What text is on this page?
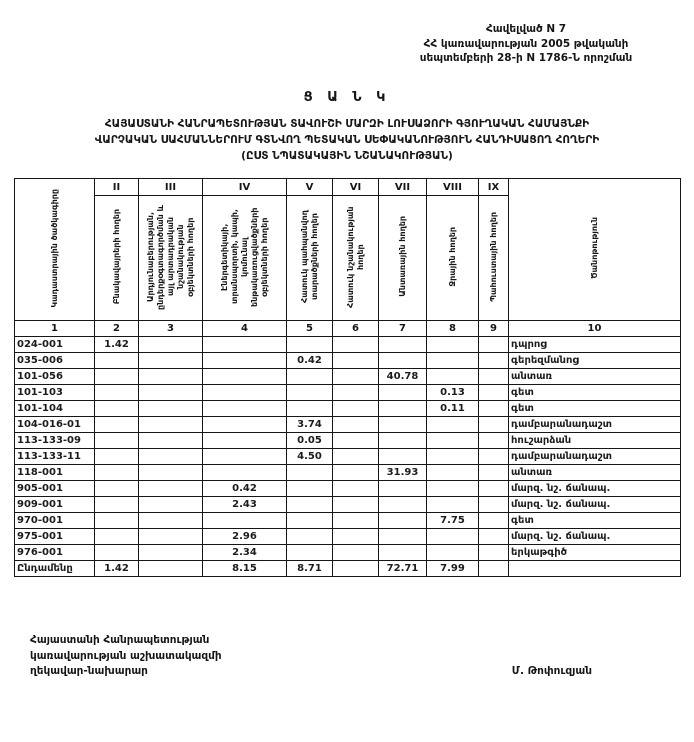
Հավելված N 7
ՀՀ կառավարության 2005 թվականի
սեպտեմբերի 28-ի N 1786-Ն որոշման
Ց Ա Ն Կ
ՀԱՅԱՍՏԱՆԻ ՀԱՆՐԱՊԵՏՈՒԹՅԱՆ ՏԱՎՈՒՇԻ ՄԱՐԶԻ ԼՈՒՍԱՁՈՐԻ ԳՅՈՒՂԱԿԱՆ ՀԱՄԱՅՆՔԻ
ՎԱՐՉԱԿԱՆ ՍԱՀՄԱՆՆԵՐՈՒՄ ԳՏՆՎՈՂ ՊԵՏԱԿԱՆ ՍԵՓԱԿԱՆՈՒԹՅՈՒՆ ՀԱՆԴԻՍԱՑՈՂ ՀՈՂԵՐԻ
(ԸՍՏ ՆՊԱՏԱԿԱՅԻՆ ՆՇԱՆԱԿՈՒԹՅԱՆ)
Կադաստրային ծածկագիրը	II	III	IV	V	VI	VII	VIII	IX	Ծանոթություն
	Բնակավայրերի հողեր	Արդյունաբերության, ընդերքօգտագործման և այլ արտադրական նշանակության օբյեկտների հողեր	Էներգետիկայի, տրանսպորտի, կապի, կոմունալ ենթակառուցվածքների օբյեկտների հողեր	Հատուկ պահպանվող տարածքների հողեր	Հատուկ նշանակության հողեր	Անտառային հողեր	Ջրային հողեր	Պահուստային հողեր	
1	2	3	4	5	6	7	8	9	10
024-001	1.42								դպրոց
035-006				0.42					գերեզմանոց
101-056						40.78			անտառ
101-103							0.13		գետ
101-104							0.11		գետ
104-016-01				3.74					դամբարանադաշտ
113-133-09				0.05					հուշարձան
113-133-11				4.50					դամբարանադաշտ
118-001						31.93			անտառ
905-001			0.42						մարզ. նշ. ճանապ.
909-001			2.43						մարզ. նշ. ճանապ.
970-001							7.75		գետ
975-001			2.96						մարզ. նշ. ճանապ.
976-001			2.34						երկաթգիծ
Ընդամենը	1.42		8.15	8.71		72.71	7.99		
Հայաստանի Հանրապետության
կառավարության աշխատակազմի
ղեկավար-նախարար	Մ. Թոփուզյան
